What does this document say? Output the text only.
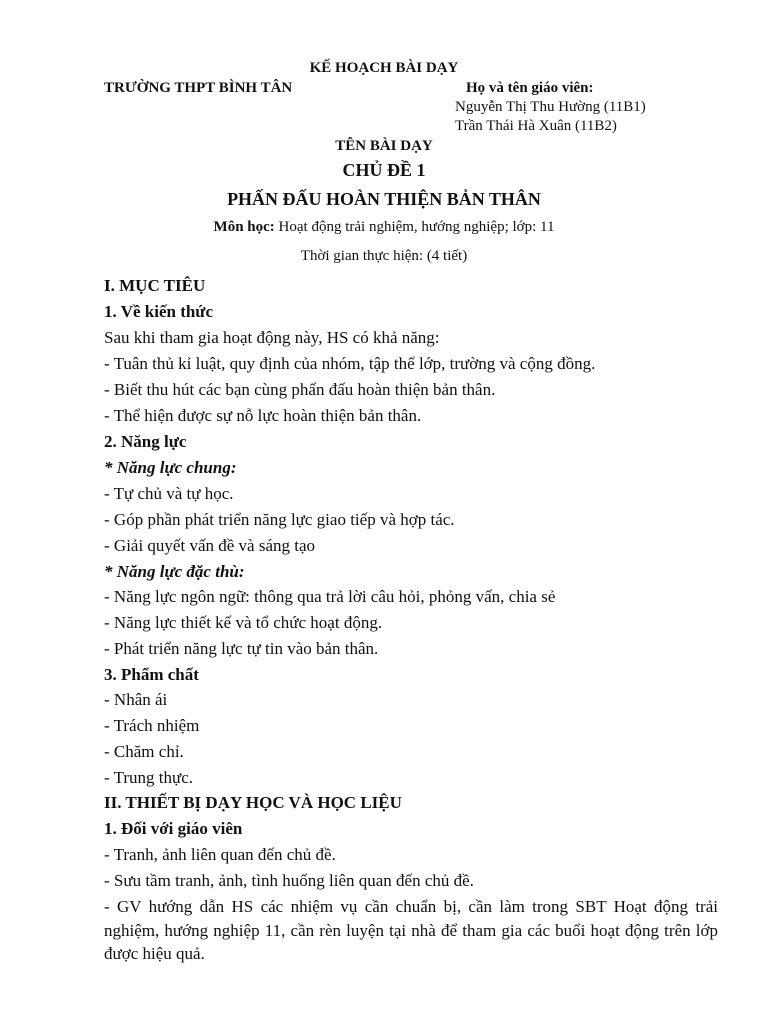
KẾ HOẠCH BÀI DẠY
TRƯỜNG THPT BÌNH TÂN	Họ và tên giáo viên:
Nguyễn Thị Thu Hường (11B1)
Trần Thái Hà Xuân (11B2)
TÊN BÀI DẠY
CHỦ ĐỀ 1
PHẤN ĐẤU HOÀN THIỆN BẢN THÂN
Môn học: Hoạt động trải nghiệm, hướng nghiệp; lớp: 11
Thời gian thực hiện: (4 tiết)
I. MỤC TIÊU
1. Về kiến thức
Sau khi tham gia hoạt động này, HS có khả năng:
- Tuân thủ kỉ luật, quy định của nhóm, tập thể lớp, trường và cộng đồng.
- Biết thu hút các bạn cùng phấn đấu hoàn thiện bản thân.
- Thể hiện được sự nỗ lực hoàn thiện bản thân.
2. Năng lực
* Năng lực chung:
- Tự chủ và tự học.
- Góp phần phát triển năng lực giao tiếp và hợp tác.
- Giải quyết vấn đề và sáng tạo
* Năng lực đặc thù:
- Năng lực ngôn ngữ: thông qua trả lời câu hỏi, phỏng vấn, chia sẻ
- Năng lực thiết kế và tổ chức hoạt động.
- Phát triển năng lực tự tin vào bản thân.
3. Phẩm chất
- Nhân ái
- Trách nhiệm
- Chăm chỉ.
- Trung thực.
II. THIẾT BỊ DẠY HỌC VÀ HỌC LIỆU
1. Đối với giáo viên
- Tranh, ảnh liên quan đến chủ đề.
- Sưu tầm tranh, ảnh, tình huống liên quan đến chủ đề.
- GV hướng dẫn HS các nhiệm vụ cần chuẩn bị, cần làm trong SBT Hoạt động trải nghiệm, hướng nghiệp 11, cần rèn luyện tại nhà để tham gia các buổi hoạt động trên lớp được hiệu quả.
